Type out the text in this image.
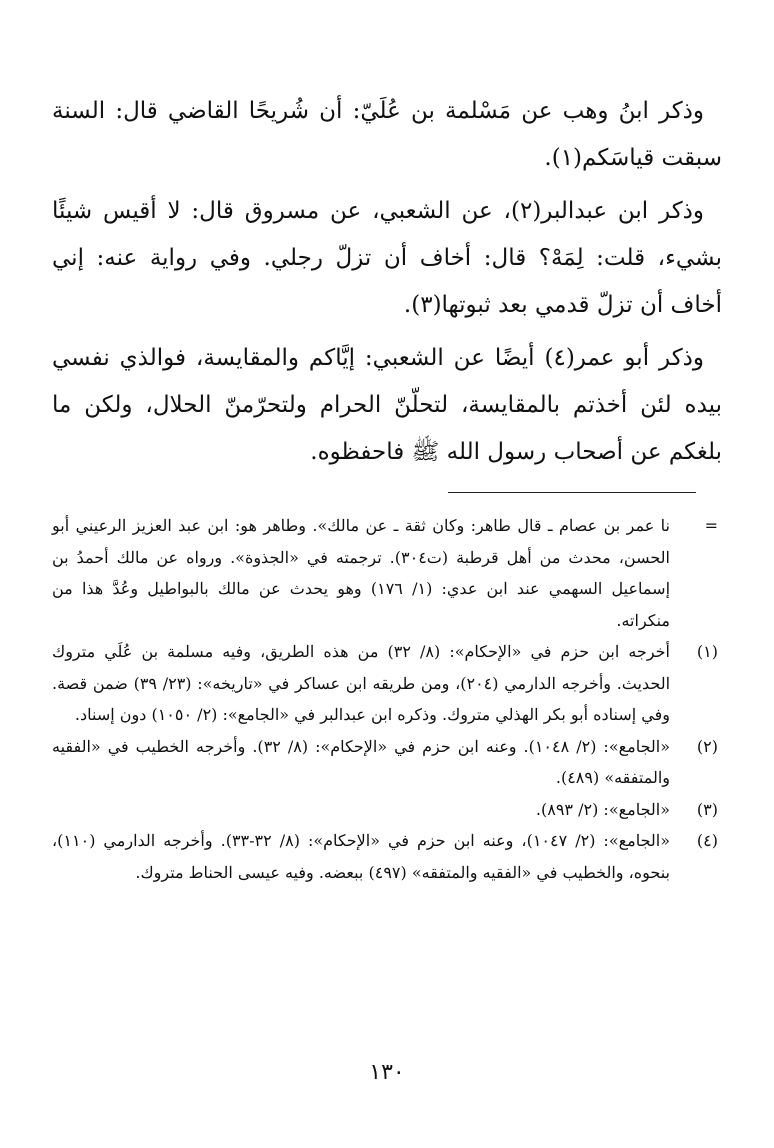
وذكر ابنُ وهب عن مَسْلمة بن عُلَيّ: أن شُريحًا القاضي قال: السنة سبقت قياسَكم(١).

وذكر ابن عبدالبر(٢)، عن الشعبي، عن مسروق قال: لا أقيس شيئًا بشيء، قلت: لِمَهْ؟ قال: أخاف أن تزلّ رجلي. وفي رواية عنه: إني أخاف أن تزلّ قدمي بعد ثبوتها(٣).

وذكر أبو عمر(٤) أيضًا عن الشعبي: إيَّاكم والمقايسة، فوالذي نفسي بيده لئن أخذتم بالمقايسة، لتحلّنّ الحرام ولتحرّمنّ الحلال، ولكن ما بلغكم عن أصحاب رسول الله ﷺ فاحفظوه.

=
نا عمر بن عصام ـ قال طاهر: وكان ثقة ـ عن مالك». وطاهر هو: ابن عبد العزيز الرعيني أبو الحسن، محدث من أهل قرطبة (ت٣٠٤). ترجمته في «الجذوة». ورواه عن مالك أحمدُ بن إسماعيل السهمي عند ابن عدي: (١/ ١٧٦) وهو يحدث عن مالك بالبواطيل وعُدَّ هذا من منكراته.
(١)
أخرجه ابن حزم في «الإحكام»: (٨/ ٣٢) من هذه الطريق، وفيه مسلمة بن عُلَي متروك الحديث. وأخرجه الدارمي (٢٠٤)، ومن طريقه ابن عساكر في «تاريخه»: (٢٣/ ٣٩) ضمن قصة. وفي إسناده أبو بكر الهذلي متروك. وذكره ابن عبدالبر في «الجامع»: (٢/ ١٠٥٠) دون إسناد.
(٢)
«الجامع»: (٢/ ١٠٤٨). وعنه ابن حزم في «الإحكام»: (٨/ ٣٢). وأخرجه الخطيب في «الفقيه والمتفقه» (٤٨٩).
(٣)
«الجامع»: (٢/ ٨٩٣).
(٤)
«الجامع»: (٢/ ١٠٤٧)، وعنه ابن حزم في «الإحكام»: (٨/ ٣٢-٣٣). وأخرجه الدارمي (١١٠)، بنحوه، والخطيب في «الفقيه والمتفقه» (٤٩٧) ببعضه. وفيه عيسى الحناط متروك.
١٣٠
